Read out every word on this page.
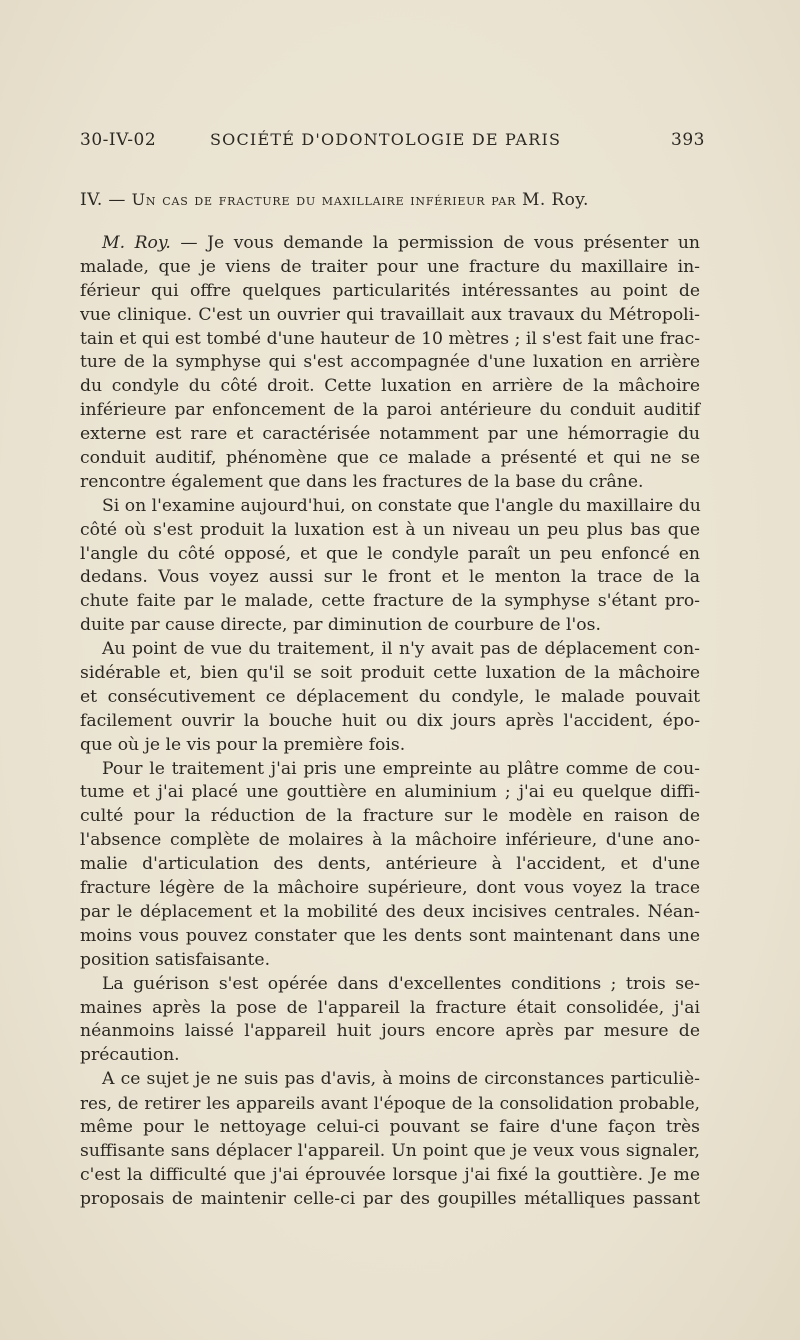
30-IV-02	SOCIÉTÉ D'ODONTOLOGIE DE PARIS	393
IV. — Un cas de fracture du maxillaire inférieur par M. Roy.
M. Roy. — Je vous demande la permission de vous présenter un
malade, que je viens de traiter pour une fracture du maxillaire in-
férieur qui offre quelques particularités intéressantes au point de
vue clinique. C'est un ouvrier qui travaillait aux travaux du Métropoli-
tain et qui est tombé d'une hauteur de 10 mètres ; il s'est fait une frac-
ture de la symphyse qui s'est accompagnée d'une luxation en arrière
du condyle du côté droit. Cette luxation en arrière de la mâchoire
inférieure par enfoncement de la paroi antérieure du conduit auditif
externe est rare et caractérisée notamment par une hémorragie du
conduit auditif, phénomène que ce malade a présenté et qui ne se
rencontre également que dans les fractures de la base du crâne.
Si on l'examine aujourd'hui, on constate que l'angle du maxillaire du
côté où s'est produit la luxation est à un niveau un peu plus bas que
l'angle du côté opposé, et que le condyle paraît un peu enfoncé en
dedans. Vous voyez aussi sur le front et le menton la trace de la
chute faite par le malade, cette fracture de la symphyse s'étant pro-
duite par cause directe, par diminution de courbure de l'os.
Au point de vue du traitement, il n'y avait pas de déplacement con-
sidérable et, bien qu'il se soit produit cette luxation de la mâchoire
et consécutivement ce déplacement du condyle, le malade pouvait
facilement ouvrir la bouche huit ou dix jours après l'accident, épo-
que où je le vis pour la première fois.
Pour le traitement j'ai pris une empreinte au plâtre comme de cou-
tume et j'ai placé une gouttière en aluminium ; j'ai eu quelque diffi-
culté pour la réduction de la fracture sur le modèle en raison de
l'absence complète de molaires à la mâchoire inférieure, d'une ano-
malie d'articulation des dents, antérieure à l'accident, et d'une
fracture légère de la mâchoire supérieure, dont vous voyez la trace
par le déplacement et la mobilité des deux incisives centrales. Néan-
moins vous pouvez constater que les dents sont maintenant dans une
position satisfaisante.
La guérison s'est opérée dans d'excellentes conditions ; trois se-
maines après la pose de l'appareil la fracture était consolidée, j'ai
néanmoins laissé l'appareil huit jours encore après par mesure de
précaution.
A ce sujet je ne suis pas d'avis, à moins de circonstances particuliè-
res, de retirer les appareils avant l'époque de la consolidation probable,
même pour le nettoyage celui-ci pouvant se faire d'une façon très
suffisante sans déplacer l'appareil. Un point que je veux vous signaler,
c'est la difficulté que j'ai éprouvée lorsque j'ai fixé la gouttière. Je me
proposais de maintenir celle-ci par des goupilles métalliques passant
